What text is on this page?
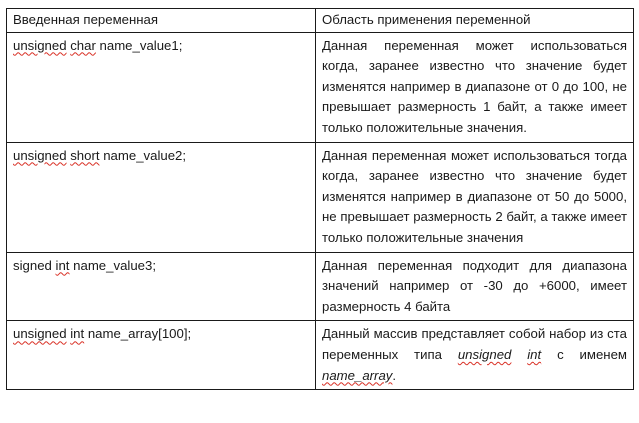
Введенная переменная	Область применения переменной
unsigned char name_value1;	Данная переменная может использоваться когда, заранее известно что значение будет изменятся например в диапазоне от 0 до 100, не превышает размерность 1 байт, а также имеет только положительные значения.
unsigned short name_value2;	Данная переменная может использоваться тогда когда, заранее известно что значение будет изменятся например в диапазоне от 50 до 5000, не превышает размерность 2 байт, а также имеет только положительные значения
signed int name_value3;	Данная переменная подходит для диапазона значений например от -30 до +6000, имеет размерность 4 байта
unsigned int name_array[100];	Данный массив представляет собой набор из ста переменных типа unsigned int с именем name_array.
